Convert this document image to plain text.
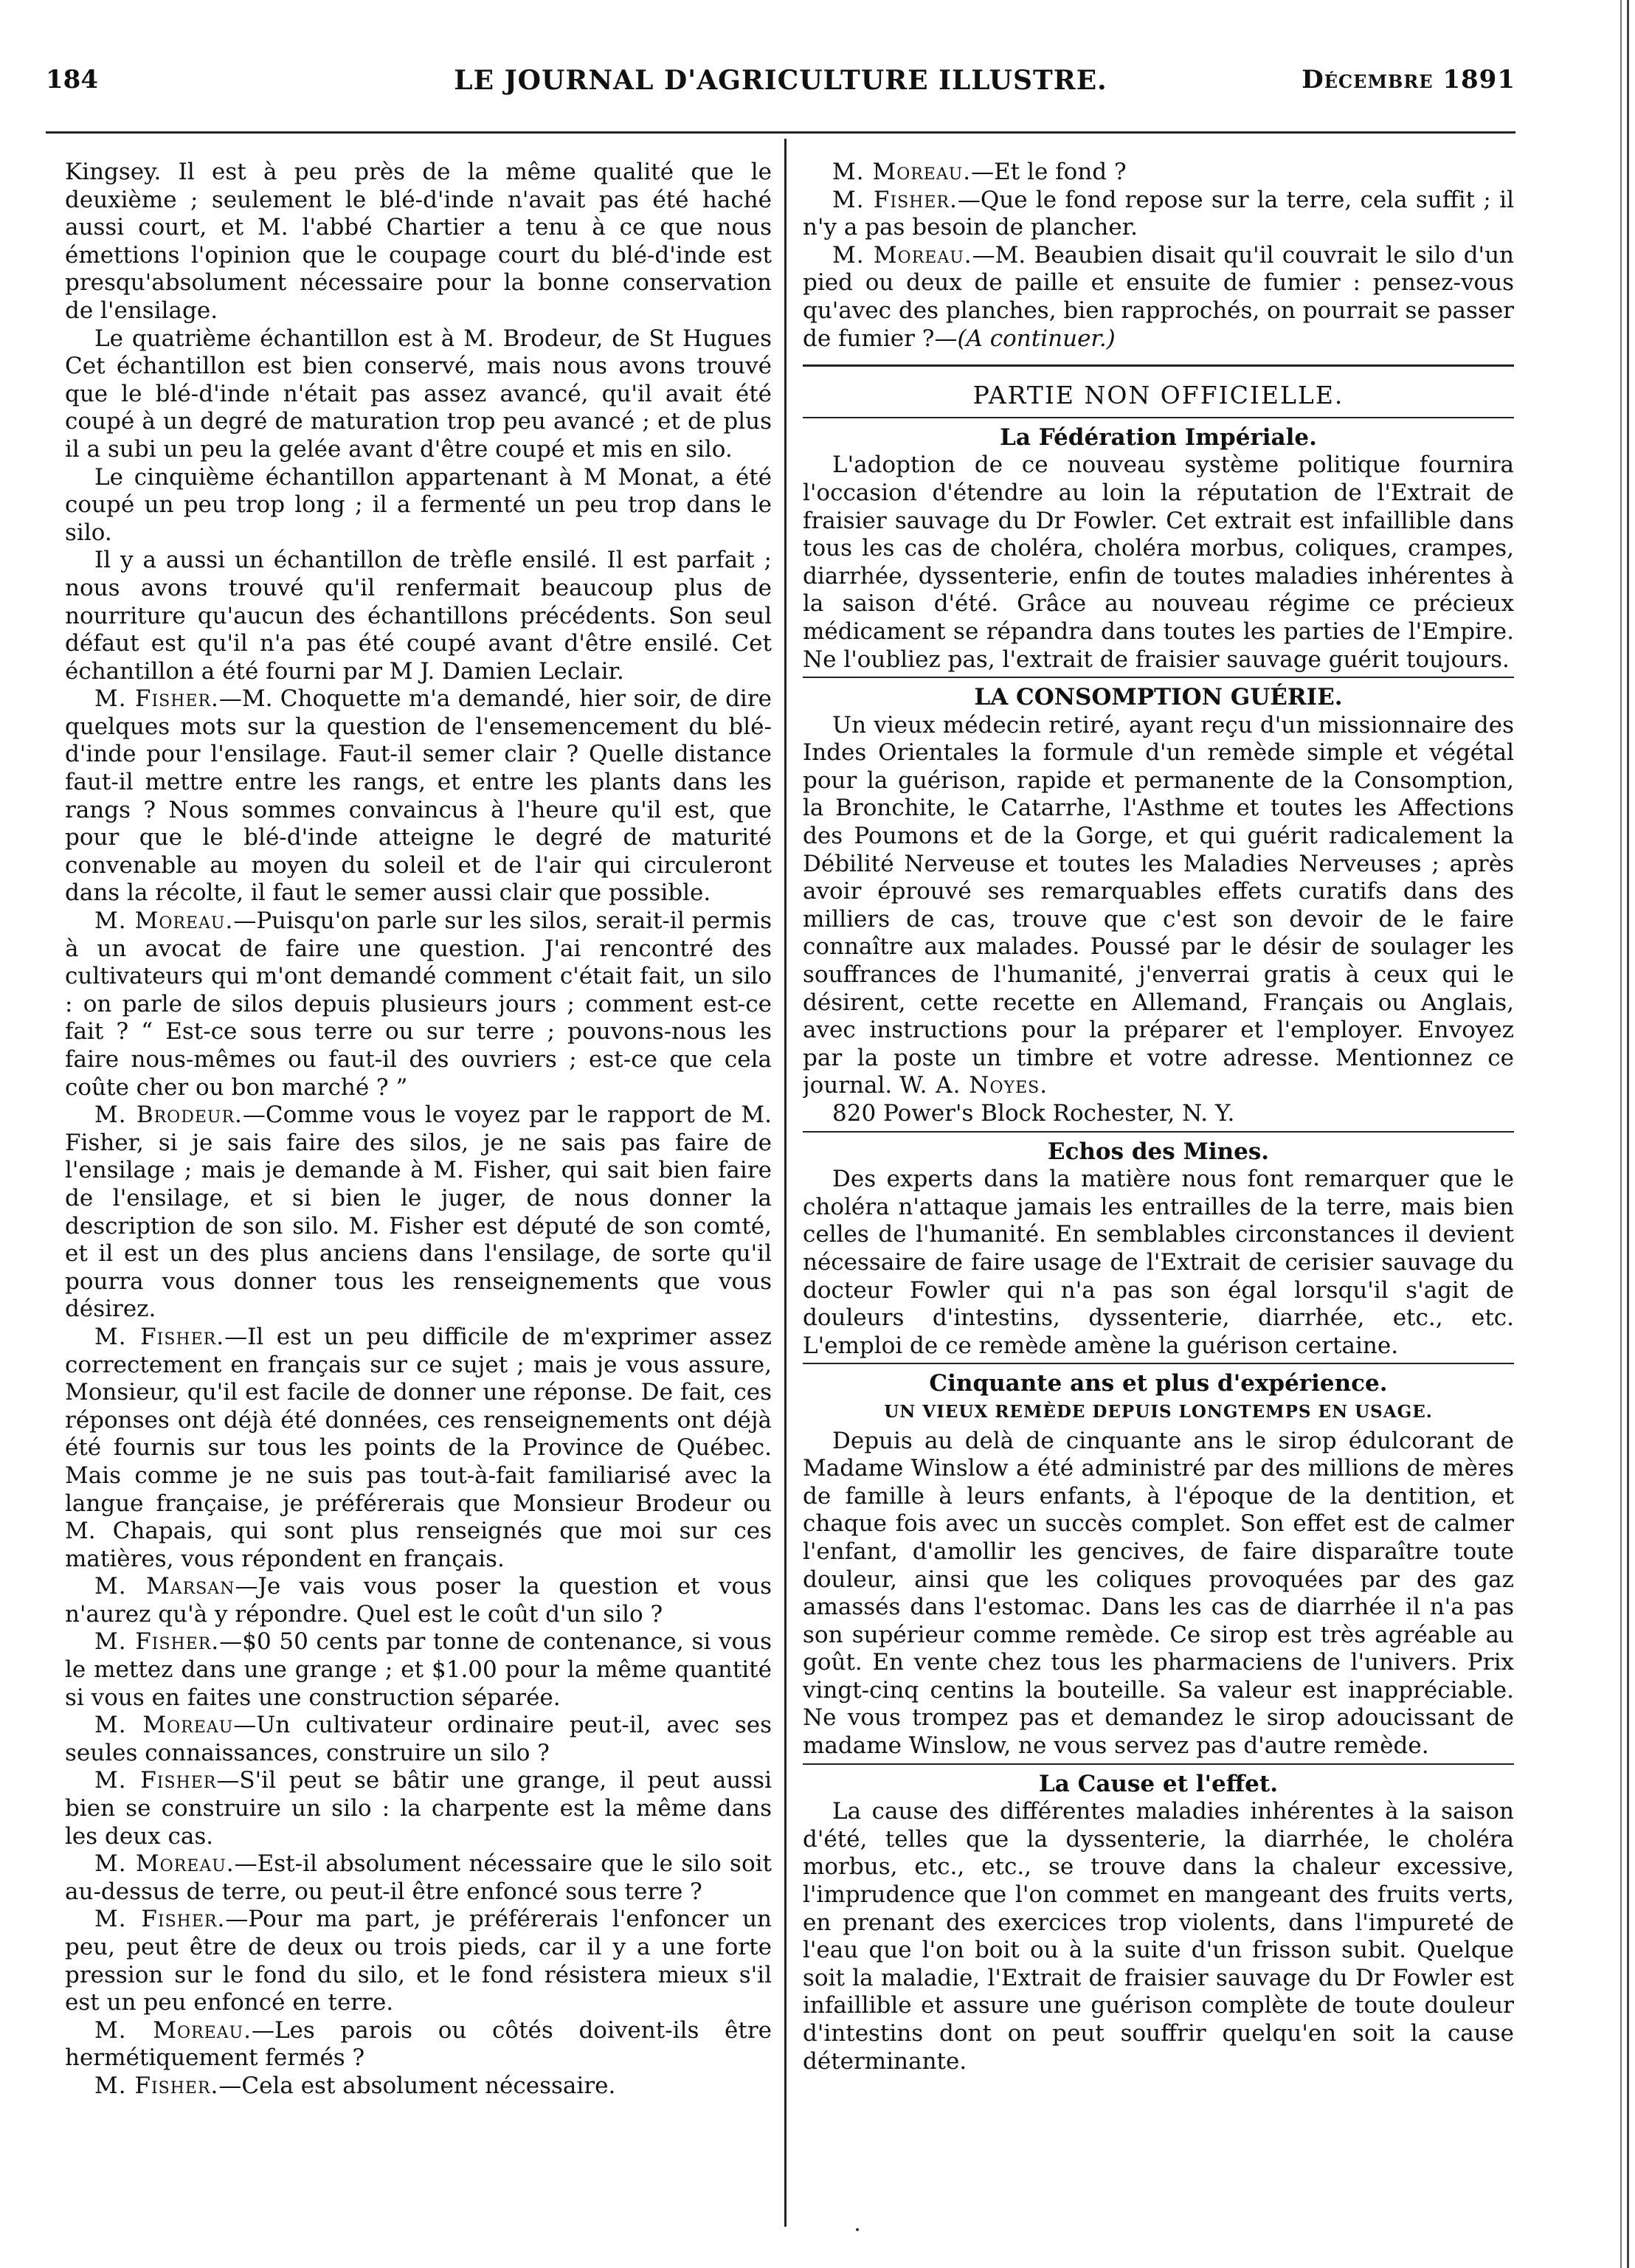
184	LE JOURNAL D'AGRICULTURE ILLUSTRE.	Décembre 1891

Kingsey. Il est à peu près de la même qualité que le deuxième ; seulement le blé-d'inde n'avait pas été haché aussi court, et M. l'abbé Chartier a tenu à ce que nous émettions l'opinion que le coupage court du blé-d'inde est presqu'absolument nécessaire pour la bonne conservation de l'ensilage.

Le quatrième échantillon est à M. Brodeur, de St Hugues Cet échantillon est bien conservé, mais nous avons trouvé que le blé-d'inde n'était pas assez avancé, qu'il avait été coupé à un degré de maturation trop peu avancé ; et de plus il a subi un peu la gelée avant d'être coupé et mis en silo.

Le cinquième échantillon appartenant à M Monat, a été coupé un peu trop long ; il a fermenté un peu trop dans le silo.

Il y a aussi un échantillon de trèfle ensilé. Il est parfait ; nous avons trouvé qu'il renfermait beaucoup plus de nourriture qu'aucun des échantillons précédents. Son seul défaut est qu'il n'a pas été coupé avant d'être ensilé. Cet échantillon a été fourni par M J. Damien Leclair.

M. Fisher.—M. Choquette m'a demandé, hier soir, de dire quelques mots sur la question de l'ensemencement du blé-d'inde pour l'ensilage. Faut-il semer clair ? Quelle distance faut-il mettre entre les rangs, et entre les plants dans les rangs ? Nous sommes convaincus à l'heure qu'il est, que pour que le blé-d'inde atteigne le degré de maturité convenable au moyen du soleil et de l'air qui circuleront dans la récolte, il faut le semer aussi clair que possible.

M. Moreau.—Puisqu'on parle sur les silos, serait-il permis à un avocat de faire une question. J'ai rencontré des cultivateurs qui m'ont demandé comment c'était fait, un silo : on parle de silos depuis plusieurs jours ; comment est-ce fait ? “ Est-ce sous terre ou sur terre ; pouvons-nous les faire nous-mêmes ou faut-il des ouvriers ; est-ce que cela coûte cher ou bon marché ? ”

M. Brodeur.—Comme vous le voyez par le rapport de M. Fisher, si je sais faire des silos, je ne sais pas faire de l'ensilage ; mais je demande à M. Fisher, qui sait bien faire de l'ensilage, et si bien le juger, de nous donner la description de son silo. M. Fisher est député de son comté, et il est un des plus anciens dans l'ensilage, de sorte qu'il pourra vous donner tous les renseignements que vous désirez.

M. Fisher.—Il est un peu difficile de m'exprimer assez correctement en français sur ce sujet ; mais je vous assure, Monsieur, qu'il est facile de donner une réponse. De fait, ces réponses ont déjà été données, ces renseignements ont déjà été fournis sur tous les points de la Province de Québec. Mais comme je ne suis pas tout-à-fait familiarisé avec la langue française, je préférerais que Monsieur Brodeur ou M. Chapais, qui sont plus renseignés que moi sur ces matières, vous répondent en français.

M. Marsan—Je vais vous poser la question et vous n'aurez qu'à y répondre. Quel est le coût d'un silo ?

M. Fisher.—$0 50 cents par tonne de contenance, si vous le mettez dans une grange ; et $1.00 pour la même quantité si vous en faites une construction séparée.

M. Moreau—Un cultivateur ordinaire peut-il, avec ses seules connaissances, construire un silo ?

M. Fisher—S'il peut se bâtir une grange, il peut aussi bien se construire un silo : la charpente est la même dans les deux cas.

M. Moreau.—Est-il absolument nécessaire que le silo soit au-dessus de terre, ou peut-il être enfoncé sous terre ?

M. Fisher.—Pour ma part, je préférerais l'enfoncer un peu, peut être de deux ou trois pieds, car il y a une forte pression sur le fond du silo, et le fond résistera mieux s'il est un peu enfoncé en terre.

M. Moreau.—Les parois ou côtés doivent-ils être hermétiquement fermés ?

M. Fisher.—Cela est absolument nécessaire.

M. Moreau.—Et le fond ?

M. Fisher.—Que le fond repose sur la terre, cela suffit ; il n'y a pas besoin de plancher.

M. Moreau.—M. Beaubien disait qu'il couvrait le silo d'un pied ou deux de paille et ensuite de fumier : pensez-vous qu'avec des planches, bien rapprochés, on pourrait se passer de fumier ?—(A continuer.)

PARTIE NON OFFICIELLE.
La Fédération Impériale.

L'adoption de ce nouveau système politique fournira l'occasion d'étendre au loin la réputation de l'Extrait de fraisier sauvage du Dr Fowler. Cet extrait est infaillible dans tous les cas de choléra, choléra morbus, coliques, crampes, diarrhée, dyssenterie, enfin de toutes maladies inhérentes à la saison d'été. Grâce au nouveau régime ce précieux médicament se répandra dans toutes les parties de l'Empire. Ne l'oubliez pas, l'extrait de fraisier sauvage guérit toujours.

LA CONSOMPTION GUÉRIE.

Un vieux médecin retiré, ayant reçu d'un missionnaire des Indes Orientales la formule d'un remède simple et végétal pour la guérison, rapide et permanente de la Consomption, la Bronchite, le Catarrhe, l'Asthme et toutes les Affections des Poumons et de la Gorge, et qui guérit radicalement la Débilité Nerveuse et toutes les Maladies Nerveuses ; après avoir éprouvé ses remarquables effets curatifs dans des milliers de cas, trouve que c'est son devoir de le faire connaître aux malades. Poussé par le désir de soulager les souffrances de l'humanité, j'enverrai gratis à ceux qui le désirent, cette recette en Allemand, Français ou Anglais, avec instructions pour la préparer et l'employer. Envoyez par la poste un timbre et votre adresse. Mentionnez ce journal. W. A. Noyes.

820 Power's Block Rochester, N. Y.

Echos des Mines.

Des experts dans la matière nous font remarquer que le choléra n'attaque jamais les entrailles de la terre, mais bien celles de l'humanité. En semblables circonstances il devient nécessaire de faire usage de l'Extrait de cerisier sauvage du docteur Fowler qui n'a pas son égal lorsqu'il s'agit de douleurs d'intestins, dyssenterie, diarrhée, etc., etc. L'emploi de ce remède amène la guérison certaine.

Cinquante ans et plus d'expérience.
UN VIEUX REMÈDE DEPUIS LONGTEMPS EN USAGE.

Depuis au delà de cinquante ans le sirop édulcorant de Madame Winslow a été administré par des millions de mères de famille à leurs enfants, à l'époque de la dentition, et chaque fois avec un succès complet. Son effet est de calmer l'enfant, d'amollir les gencives, de faire disparaître toute douleur, ainsi que les coliques provoquées par des gaz amassés dans l'estomac. Dans les cas de diarrhée il n'a pas son supérieur comme remède. Ce sirop est très agréable au goût. En vente chez tous les pharmaciens de l'univers. Prix vingt-cinq centins la bouteille. Sa valeur est inappréciable. Ne vous trompez pas et demandez le sirop adoucissant de madame Winslow, ne vous servez pas d'autre remède.

La Cause et l'effet.

La cause des différentes maladies inhérentes à la saison d'été, telles que la dyssenterie, la diarrhée, le choléra morbus, etc., etc., se trouve dans la chaleur excessive, l'imprudence que l'on commet en mangeant des fruits verts, en prenant des exercices trop violents, dans l'impureté de l'eau que l'on boit ou à la suite d'un frisson subit. Quelque soit la maladie, l'Extrait de fraisier sauvage du Dr Fowler est infaillible et assure une guérison complète de toute douleur d'intestins dont on peut souffrir quelqu'en soit la cause déterminante.
